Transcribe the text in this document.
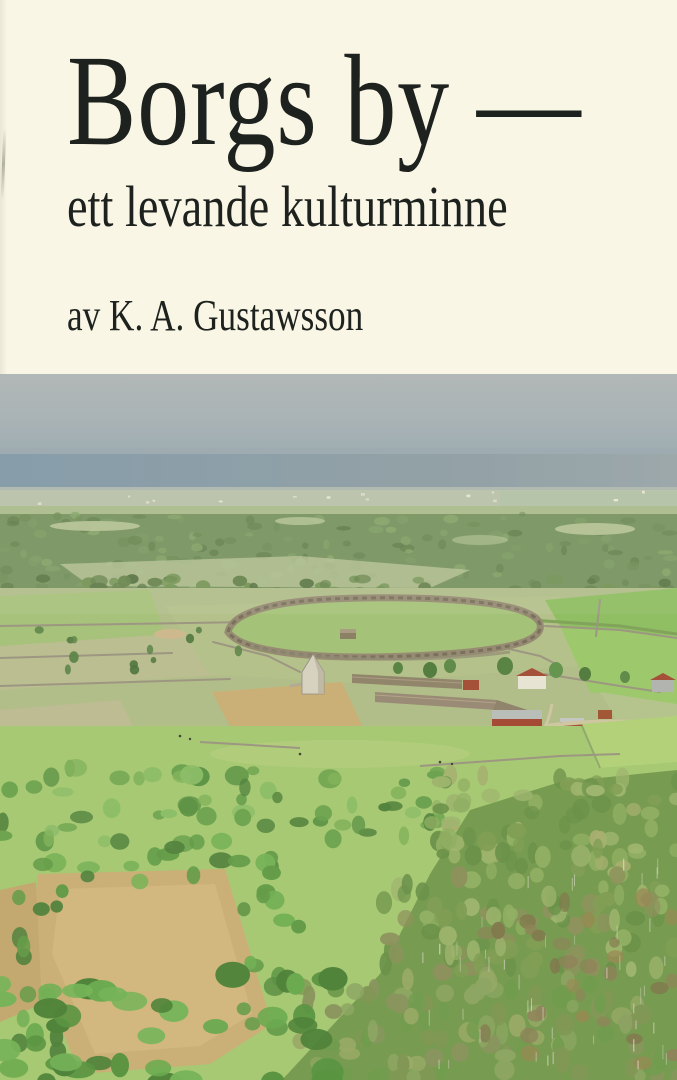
Borgs by —
ett levande kulturminne
av K. A. Gustawsson
